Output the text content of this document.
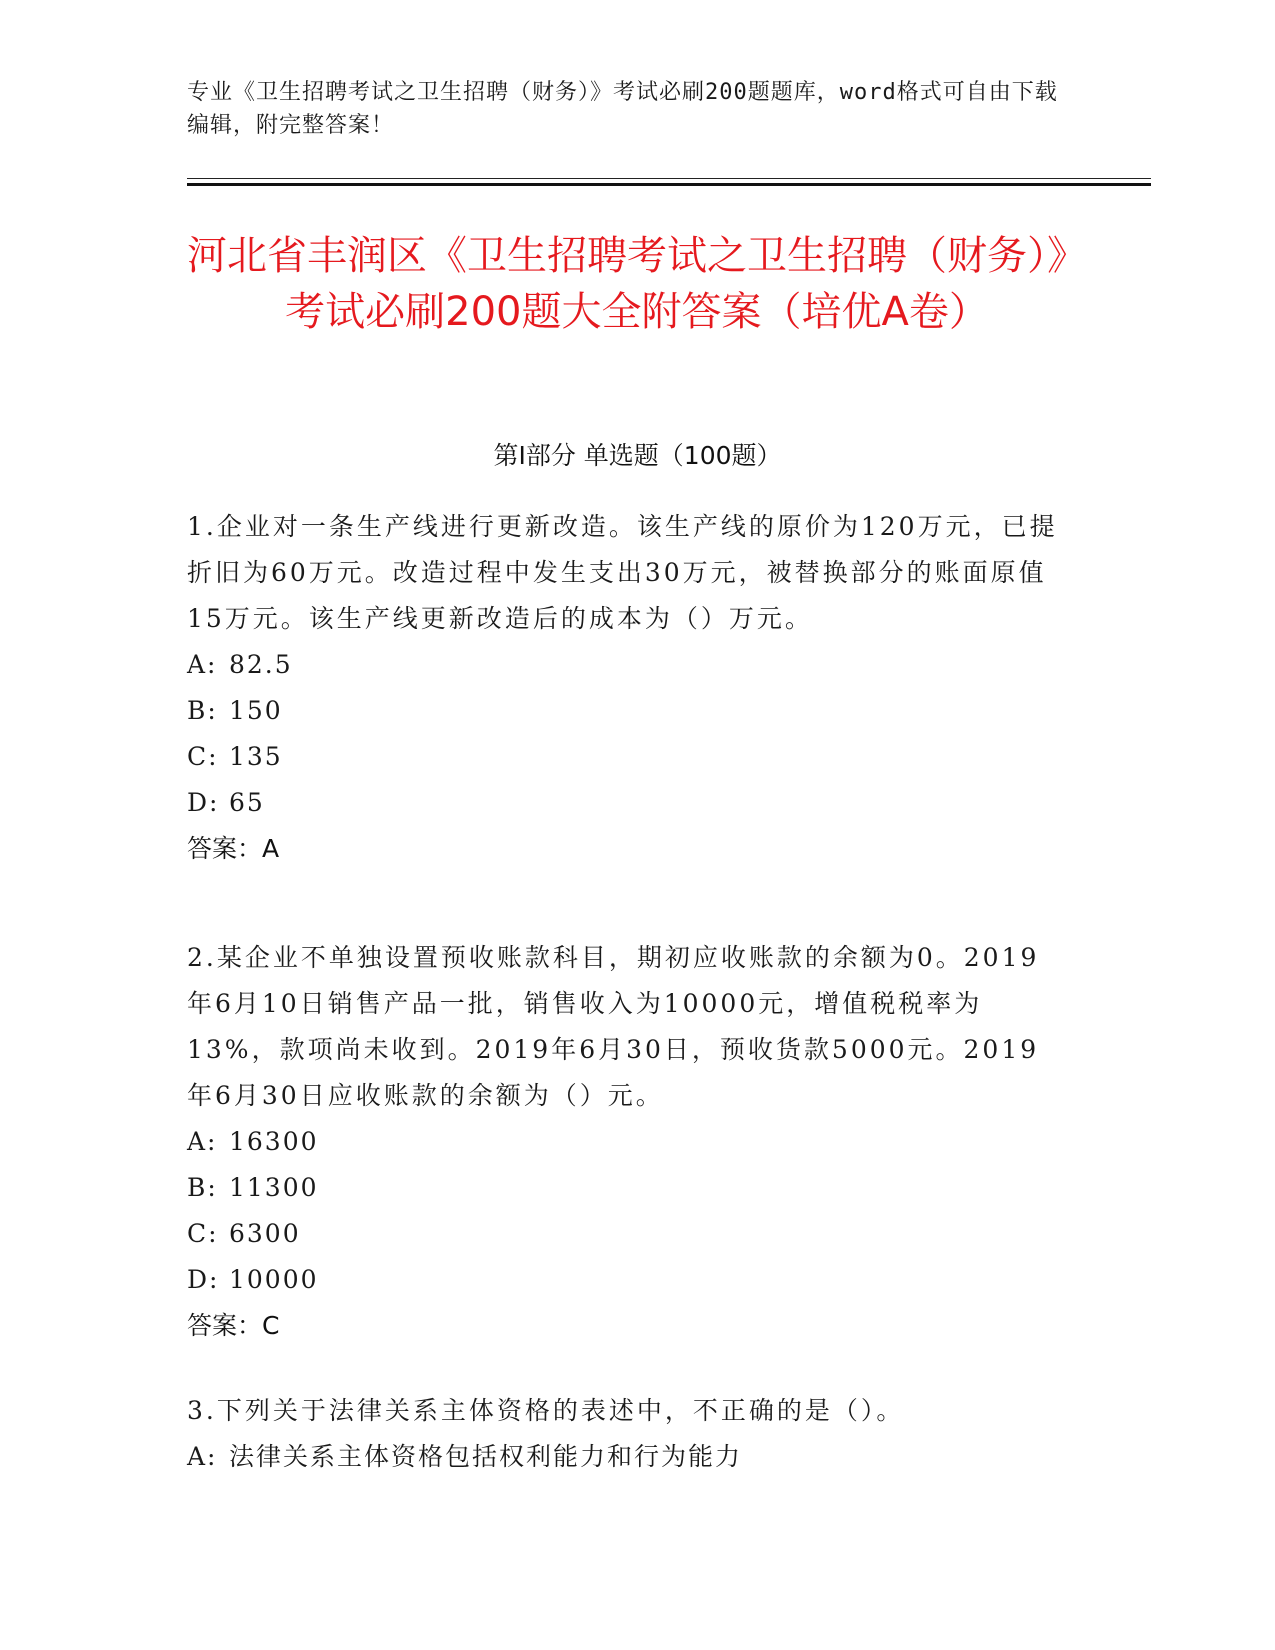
专业《卫生招聘考试之卫生招聘（财务）》考试必刷200题题库，word格式可自由下载编辑，附完整答案！

河北省丰润区《卫生招聘考试之卫生招聘（财务）》考试必刷200题大全附答案（培优A卷）
第I部分 单选题（100题）

1.企业对一条生产线进行更新改造。该生产线的原价为120万元，已提折旧为60万元。改造过程中发生支出30万元，被替换部分的账面原值15万元。该生产线更新改造后的成本为（）万元。

A: 82.5

B: 150

C: 135

D: 65

答案：A

2.某企业不单独设置预收账款科目，期初应收账款的余额为0。2019年6月10日销售产品一批，销售收入为10000元，增值税税率为13%，款项尚未收到。2019年6月30日，预收货款5000元。2019年6月30日应收账款的余额为（）元。

A: 16300

B: 11300

C: 6300

D: 10000

答案：C

3.下列关于法律关系主体资格的表述中，不正确的是（）。

A: 法律关系主体资格包括权利能力和行为能力
